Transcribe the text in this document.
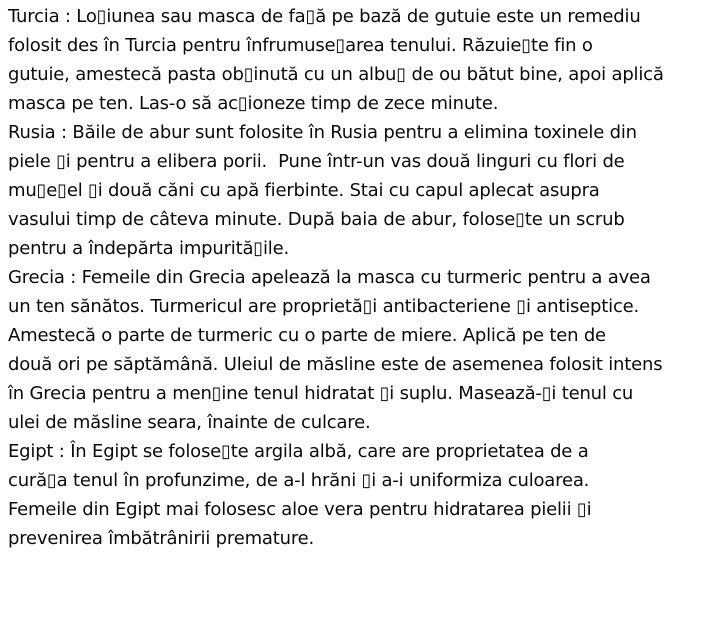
Turcia : Lo▯iunea sau masca de fa▯ă pe bază de gutuie este un remediu
folosit des în Turcia pentru înfrumuse▯area tenului. Răzuie▯te fin o
gutuie, amestecă pasta ob▯inută cu un albu▯ de ou bătut bine, apoi aplică
masca pe ten. Las-o să ac▯ioneze timp de zece minute.
Rusia : Băile de abur sunt folosite în Rusia pentru a elimina toxinele din
piele ▯i pentru a elibera porii.  Pune într-un vas două linguri cu flori de
mu▯e▯el ▯i două căni cu apă fierbinte. Stai cu capul aplecat asupra
vasului timp de câteva minute. După baia de abur, folose▯te un scrub
pentru a îndepărta impurită▯ile.
Grecia : Femeile din Grecia apelează la masca cu turmeric pentru a avea
un ten sănătos. Turmericul are proprietă▯i antibacteriene ▯i antiseptice.
Amestecă o parte de turmeric cu o parte de miere. Aplică pe ten de
două ori pe săptămână. Uleiul de măsline este de asemenea folosit intens
în Grecia pentru a men▯ine tenul hidratat ▯i suplu. Masează-▯i tenul cu
ulei de măsline seara, înainte de culcare.
Egipt : În Egipt se folose▯te argila albă, care are proprietatea de a
cură▯a tenul în profunzime, de a-l hrăni ▯i a-i uniformiza culoarea.
Femeile din Egipt mai folosesc aloe vera pentru hidratarea pielii ▯i
prevenirea îmbătrânirii premature.
